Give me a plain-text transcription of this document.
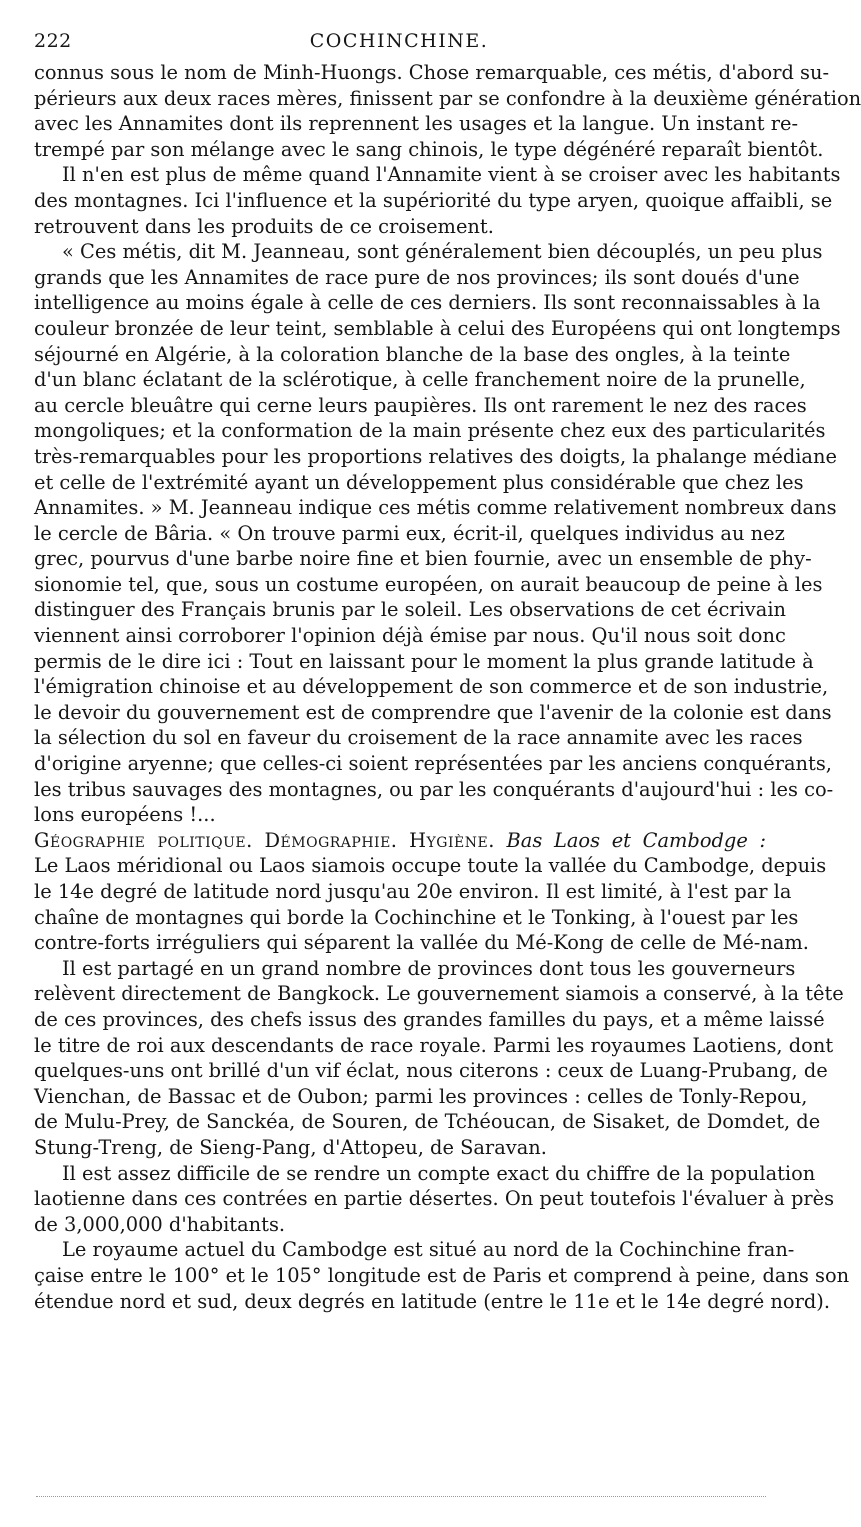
222	COCHINCHINE.
connus sous le nom de Minh-Huongs. Chose remarquable, ces métis, d'abord su-
périeurs aux deux races mères, finissent par se confondre à la deuxième génération
avec les Annamites dont ils reprennent les usages et la langue. Un instant re-
trempé par son mélange avec le sang chinois, le type dégénéré reparaît bientôt.
Il n'en est plus de même quand l'Annamite vient à se croiser avec les habitants
des montagnes. Ici l'influence et la supériorité du type aryen, quoique affaibli, se
retrouvent dans les produits de ce croisement.
« Ces métis, dit M. Jeanneau, sont généralement bien découplés, un peu plus
grands que les Annamites de race pure de nos provinces; ils sont doués d'une
intelligence au moins égale à celle de ces derniers. Ils sont reconnaissables à la
couleur bronzée de leur teint, semblable à celui des Européens qui ont longtemps
séjourné en Algérie, à la coloration blanche de la base des ongles, à la teinte
d'un blanc éclatant de la sclérotique, à celle franchement noire de la prunelle,
au cercle bleuâtre qui cerne leurs paupières. Ils ont rarement le nez des races
mongoliques; et la conformation de la main présente chez eux des particularités
très-remarquables pour les proportions relatives des doigts, la phalange médiane
et celle de l'extrémité ayant un développement plus considérable que chez les
Annamites. » M. Jeanneau indique ces métis comme relativement nombreux dans
le cercle de Bâria. « On trouve parmi eux, écrit-il, quelques individus au nez
grec, pourvus d'une barbe noire fine et bien fournie, avec un ensemble de phy-
sionomie tel, que, sous un costume européen, on aurait beaucoup de peine à les
distinguer des Français brunis par le soleil. Les observations de cet écrivain
viennent ainsi corroborer l'opinion déjà émise par nous. Qu'il nous soit donc
permis de le dire ici : Tout en laissant pour le moment la plus grande latitude à
l'émigration chinoise et au développement de son commerce et de son industrie,
le devoir du gouvernement est de comprendre que l'avenir de la colonie est dans
la sélection du sol en faveur du croisement de la race annamite avec les races
d'origine aryenne; que celles-ci soient représentées par les anciens conquérants,
les tribus sauvages des montagnes, ou par les conquérants d'aujourd'hui : les co-
lons européens !...
Géographie politique. Démographie. Hygiène. Bas Laos et Cambodge :
Le Laos méridional ou Laos siamois occupe toute la vallée du Cambodge, depuis
le 14e degré de latitude nord jusqu'au 20e environ. Il est limité, à l'est par la
chaîne de montagnes qui borde la Cochinchine et le Tonking, à l'ouest par les
contre-forts irréguliers qui séparent la vallée du Mé-Kong de celle de Mé-nam.
Il est partagé en un grand nombre de provinces dont tous les gouverneurs
relèvent directement de Bangkock. Le gouvernement siamois a conservé, à la tête
de ces provinces, des chefs issus des grandes familles du pays, et a même laissé
le titre de roi aux descendants de race royale. Parmi les royaumes Laotiens, dont
quelques-uns ont brillé d'un vif éclat, nous citerons : ceux de Luang-Prubang, de
Vienchan, de Bassac et de Oubon; parmi les provinces : celles de Tonly-Repou,
de Mulu-Prey, de Sanckéa, de Souren, de Tchéoucan, de Sisaket, de Domdet, de
Stung-Treng, de Sieng-Pang, d'Attopeu, de Saravan.
Il est assez difficile de se rendre un compte exact du chiffre de la population
laotienne dans ces contrées en partie désertes. On peut toutefois l'évaluer à près
de 3,000,000 d'habitants.
Le royaume actuel du Cambodge est situé au nord de la Cochinchine fran-
çaise entre le 100° et le 105° longitude est de Paris et comprend à peine, dans son
étendue nord et sud, deux degrés en latitude (entre le 11e et le 14e degré nord).
